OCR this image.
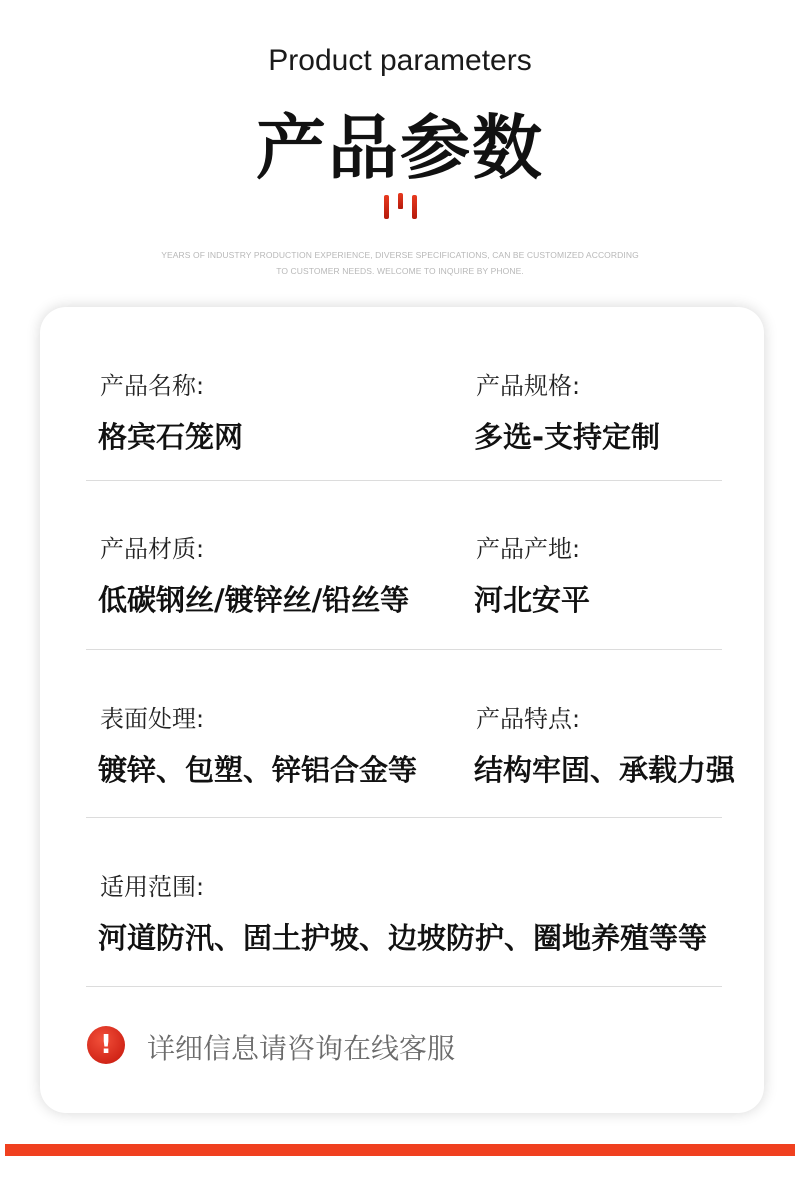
Product parameters
产品参数
YEARS OF INDUSTRY PRODUCTION EXPERIENCE, DIVERSE SPECIFICATIONS, CAN BE CUSTOMIZED ACCORDING
TO CUSTOMER NEEDS. WELCOME TO INQUIRE BY PHONE.
产品名称:
格宾石笼网
产品规格:
多选-支持定制
产品材质:
低碳钢丝/镀锌丝/铅丝等
产品产地:
河北安平
表面处理:
镀锌、包塑、锌铝合金等
产品特点:
结构牢固、承载力强
适用范围:
河道防汛、固土护坡、边坡防护、圈地养殖等等
!	详细信息请咨询在线客服
